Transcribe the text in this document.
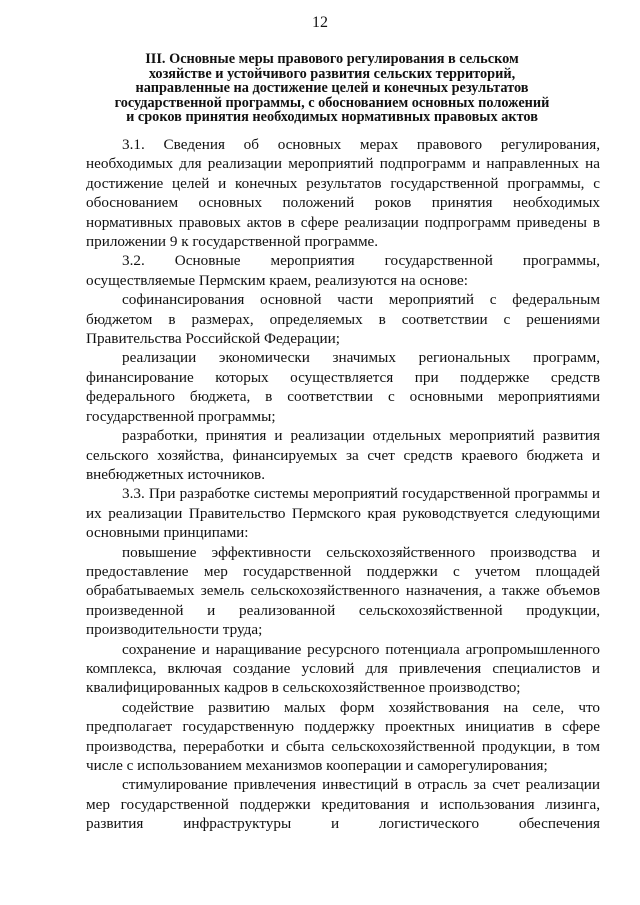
12
III. Основные меры правового регулирования в сельском
хозяйстве и устойчивого развития сельских территорий,
направленные на достижение целей и конечных результатов
государственной программы, с обоснованием основных положений
и сроков принятия необходимых нормативных правовых актов

3.1. Сведения об основных мерах правового регулирования, необходимых для реализации мероприятий подпрограмм и направленных на достижение целей и конечных результатов государственной программы, с обоснованием основных положений роков принятия необходимых нормативных правовых актов в сфере реализации подпрограмм приведены в приложении 9 к государственной программе.

3.2. Основные мероприятия государственной программы, осуществляемые Пермским краем, реализуются на основе:

софинансирования основной части мероприятий с федеральным бюджетом в размерах, определяемых в соответствии с решениями Правительства Российской Федерации;

реализации экономически значимых региональных программ, финансирование которых осуществляется при поддержке средств федерального бюджета, в соответствии с основными мероприятиями государственной программы;

разработки, принятия и реализации отдельных мероприятий развития сельского хозяйства, финансируемых за счет средств краевого бюджета и внебюджетных источников.

3.3. При разработке системы мероприятий государственной программы и их реализации Правительство Пермского края руководствуется следующими основными принципами:

повышение эффективности сельскохозяйственного производства и предоставление мер государственной поддержки с учетом площадей обрабатываемых земель сельскохозяйственного назначения, а также объемов произведенной и реализованной сельскохозяйственной продукции, производительности труда;

сохранение и наращивание ресурсного потенциала агропромышленного комплекса, включая создание условий для привлечения специалистов и квалифицированных кадров в сельскохозяйственное производство;

содействие развитию малых форм хозяйствования на селе, что предполагает государственную поддержку проектных инициатив в сфере производства, переработки и сбыта сельскохозяйственной продукции, в том числе с использованием механизмов кооперации и саморегулирования;

стимулирование привлечения инвестиций в отрасль за счет реализации мер государственной поддержки кредитования и использования лизинга, развития инфраструктуры и логистического обеспечения
